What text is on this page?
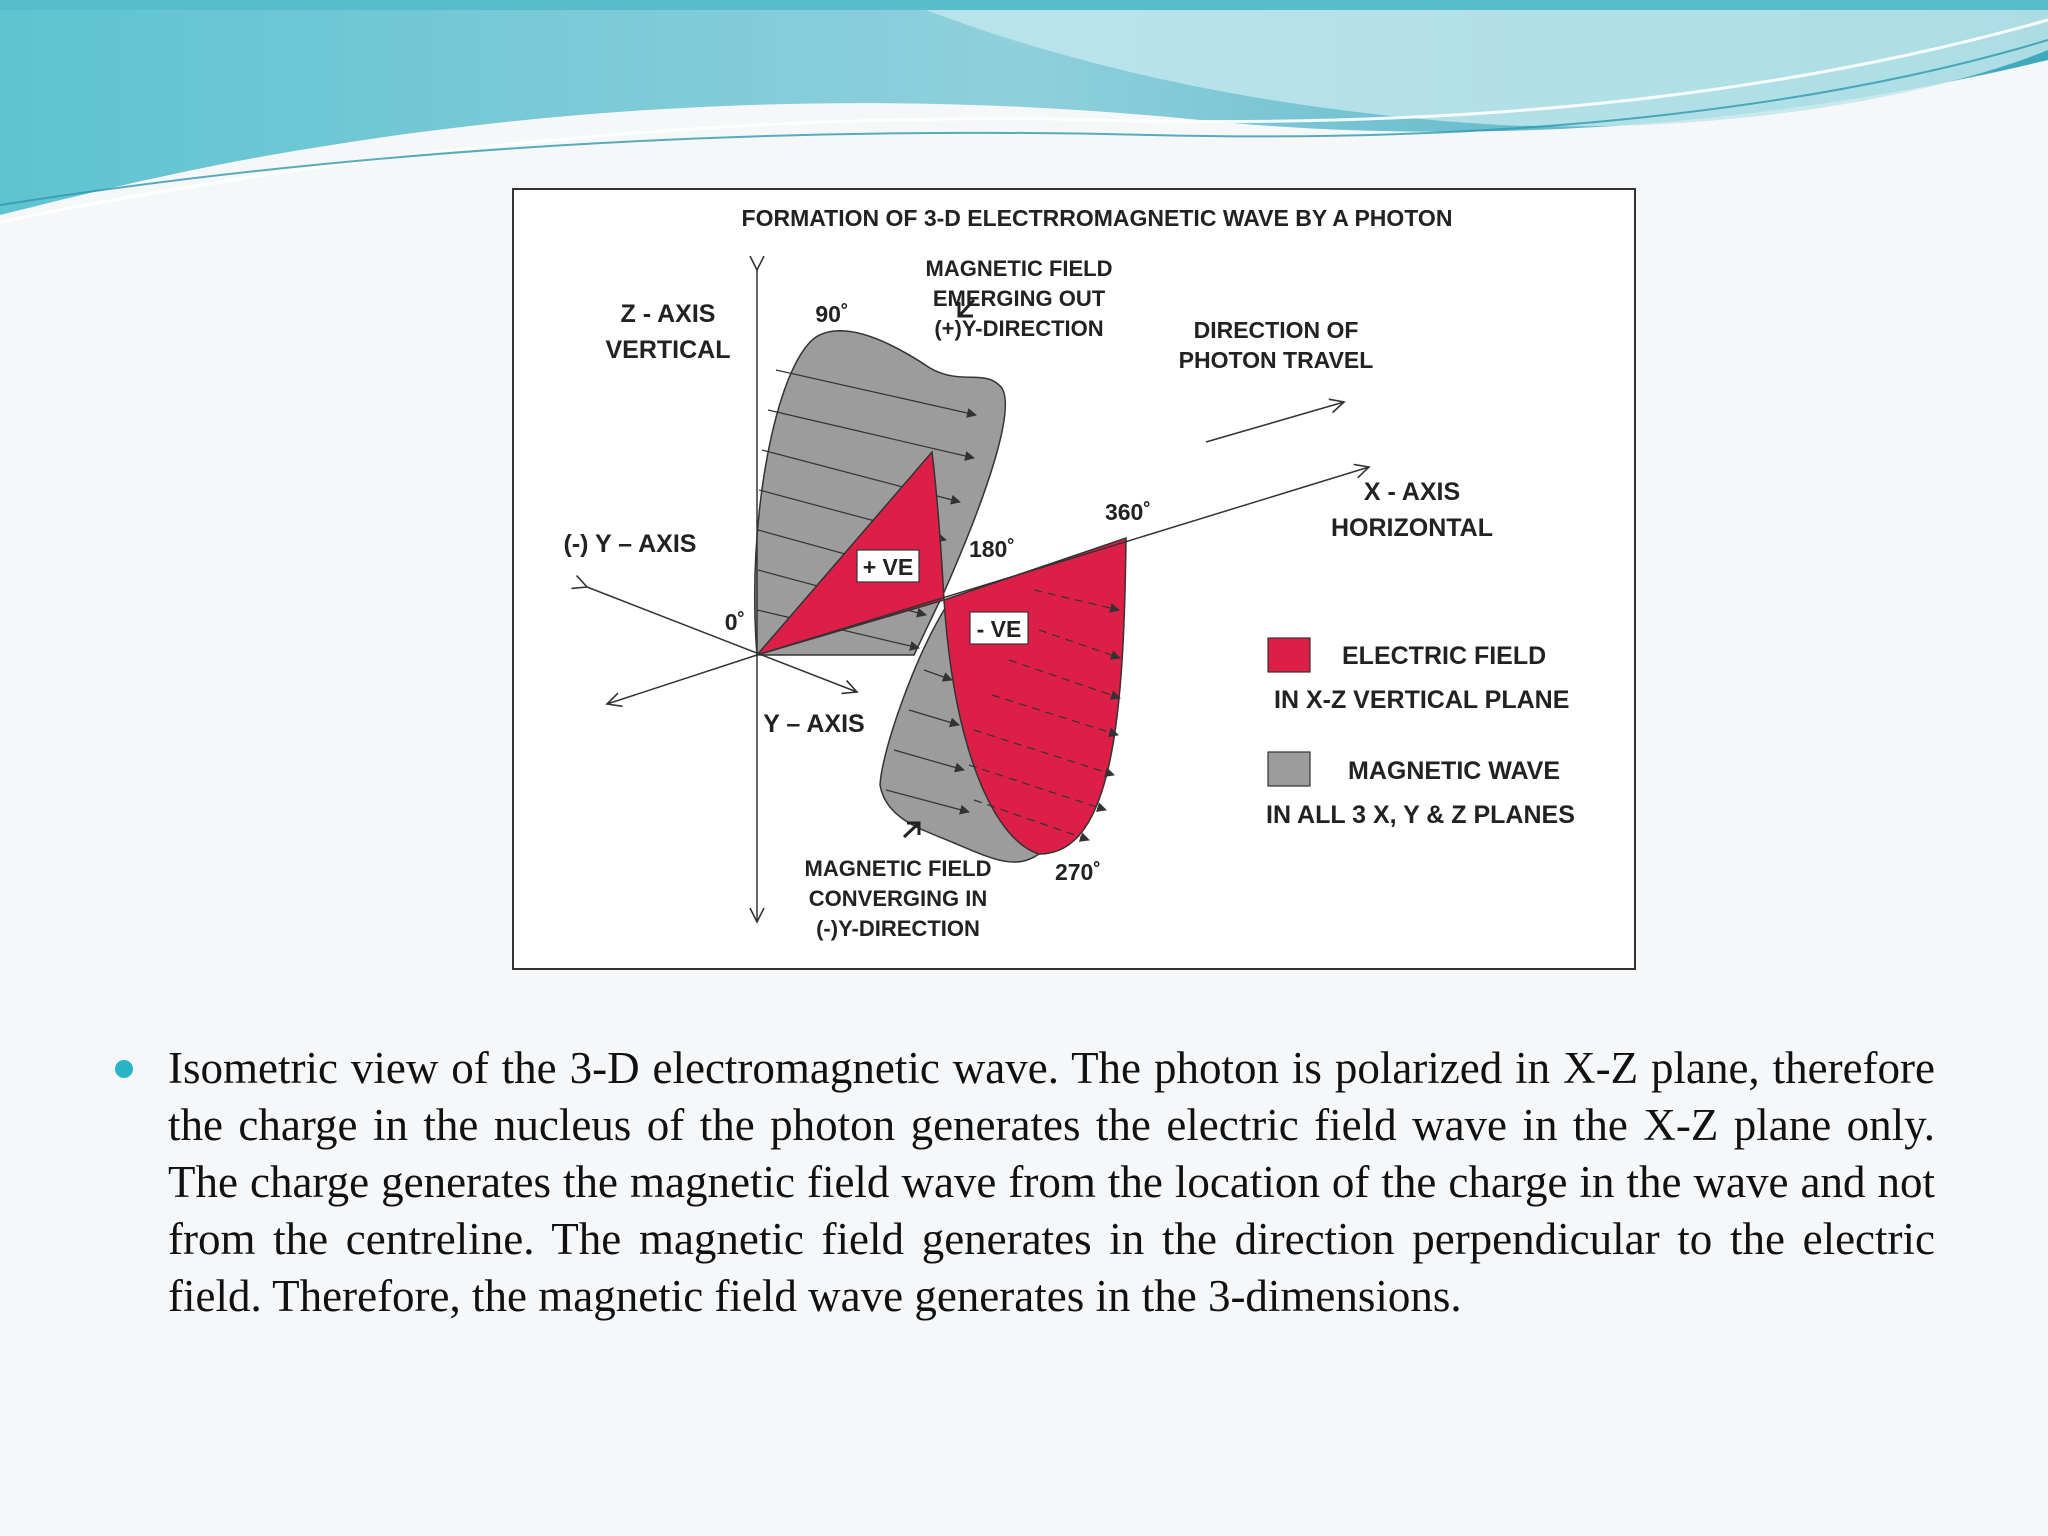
FORMATION OF 3-D ELECTRROMAGNETIC WAVE BY A PHOTON
Z - AXIS
VERTICAL
(-) Y – AXIS
Y – AXIS
X - AXIS
HORIZONTAL
DIRECTION OF
PHOTON TRAVEL
MAGNETIC FIELD
EMERGING OUT
(+)Y-DIRECTION
MAGNETIC FIELD
CONVERGING IN
(-)Y-DIRECTION
0˚
90˚
180˚
270˚
360˚
+ VE
- VE
ELECTRIC FIELD
IN X-Z VERTICAL PLANE
MAGNETIC WAVE
IN ALL 3 X, Y & Z PLANES
Isometric view of the 3-D electromagnetic wave. The photon is polarized in X-Z plane, therefore the charge in the nucleus of the photon generates the electric field wave in the X-Z plane only. The charge generates the magnetic field wave from the location of the charge in the wave and not from the centreline. The magnetic field generates in the direction perpendicular to the electric field. Therefore, the magnetic field wave generates in the 3-dimensions.
